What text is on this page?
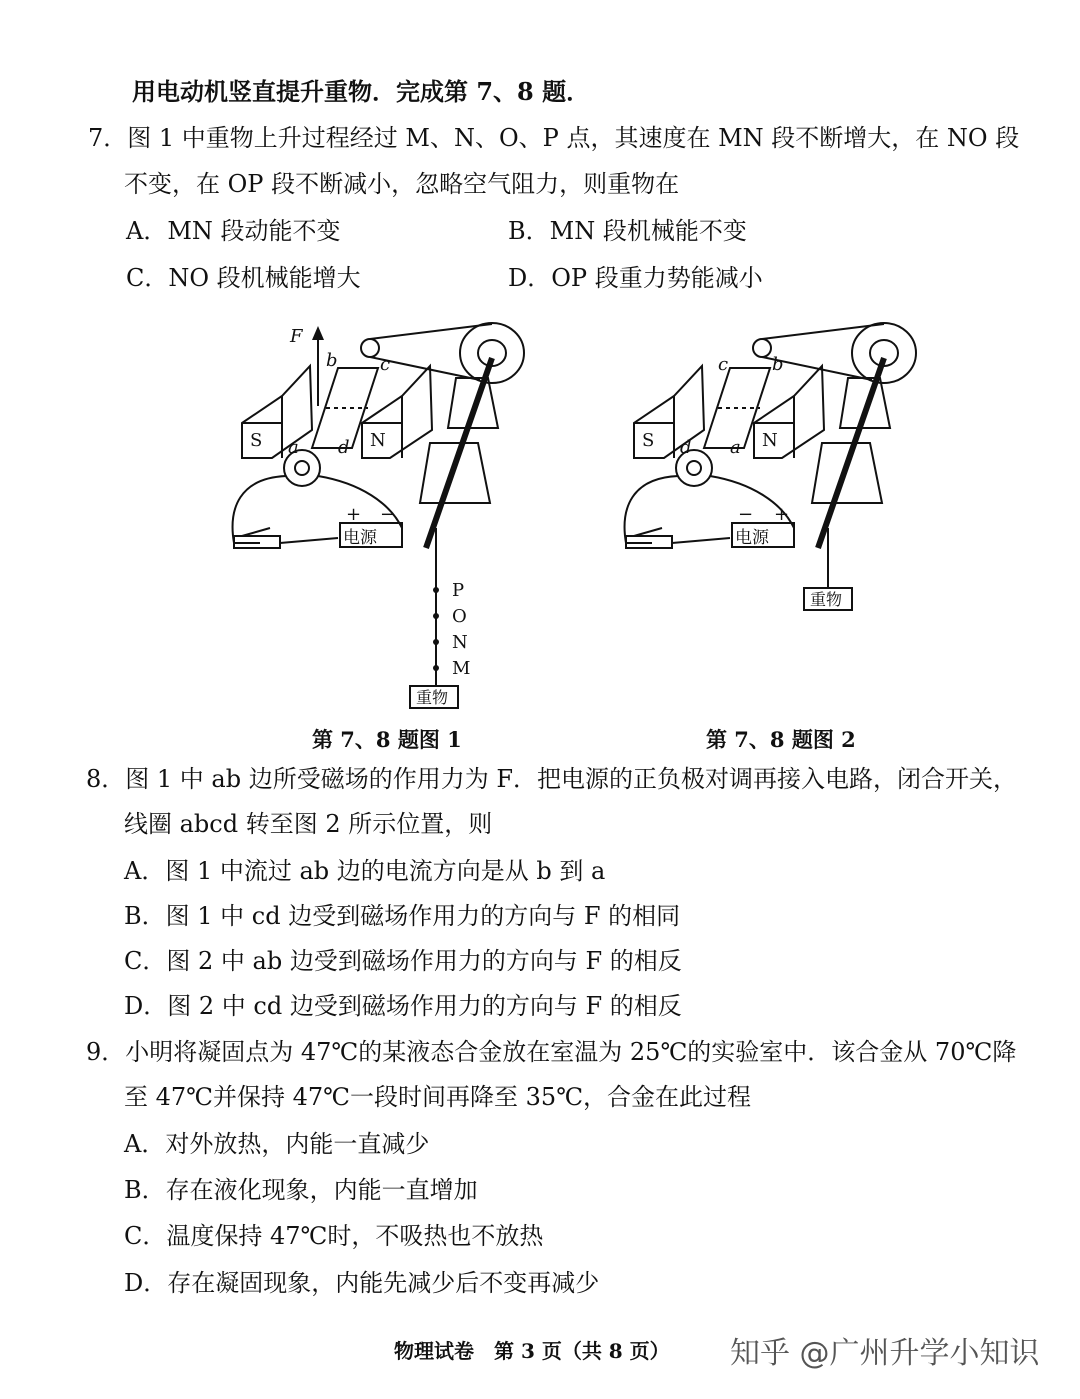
用电动机竖直提升重物．完成第 7、8 题．
7．图 1 中重物上升过程经过 M、N、O、P 点，其速度在 MN 段不断增大，在 NO 段
不变，在 OP 段不断减小，忽略空气阻力，则重物在
A．MN 段动能不变	B．MN 段机械能不变
C．NO 段机械能增大	D．OP 段重力势能减小
F
S	N
a
b c
d
+ −
电源
重物
P
O
N
M
S	N
d
c b
a
− +
电源
重物
第 7、8 题图 1	第 7、8 题图 2
8．图 1 中 ab 边所受磁场的作用力为 F．把电源的正负极对调再接入电路，闭合开关，
线圈 abcd 转至图 2 所示位置，则
A．图 1 中流过 ab 边的电流方向是从 b 到 a
B．图 1 中 cd 边受到磁场作用力的方向与 F 的相同
C．图 2 中 ab 边受到磁场作用力的方向与 F 的相反
D．图 2 中 cd 边受到磁场作用力的方向与 F 的相反
9．小明将凝固点为 47℃的某液态合金放在室温为 25℃的实验室中．该合金从 70℃降
至 47℃并保持 47℃一段时间再降至 35℃，合金在此过程
A．对外放热，内能一直减少
B．存在液化现象，内能一直增加
C．温度保持 47℃时，不吸热也不放热
D．存在凝固现象，内能先减少后不变再减少
物理试卷　第 3 页（共 8 页） 知乎 @广州升学小知识
